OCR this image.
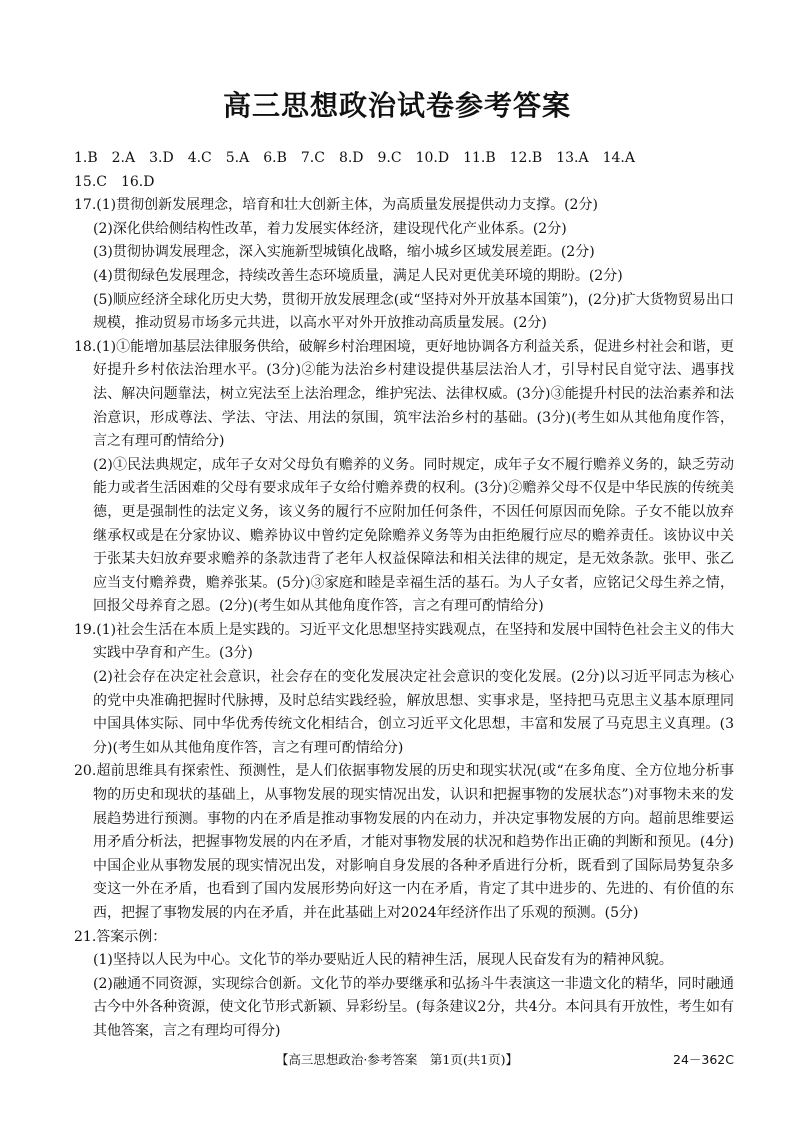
高三思想政治试卷参考答案

1.B　2.A　3.D　4.C　5.A　6.B　7.C　8.D　9.C　10.D　11.B　12.B　13.A　14.A

15.C　16.D

17.(1)贯彻创新发展理念，培育和壮大创新主体，为高质量发展提供动力支撑。(2分)

(2)深化供给侧结构性改革，着力发展实体经济，建设现代化产业体系。(2分)

(3)贯彻协调发展理念，深入实施新型城镇化战略，缩小城乡区域发展差距。(2分)

(4)贯彻绿色发展理念，持续改善生态环境质量，满足人民对更优美环境的期盼。(2分)

(5)顺应经济全球化历史大势，贯彻开放发展理念(或“坚持对外开放基本国策”)，(2分)扩大货物贸易出口规模，推动贸易市场多元共进，以高水平对外开放推动高质量发展。(2分)

18.(1)①能增加基层法律服务供给，破解乡村治理困境，更好地协调各方利益关系，促进乡村社会和谐，更好提升乡村依法治理水平。(3分)②能为法治乡村建设提供基层法治人才，引导村民自觉守法、遇事找法、解决问题靠法，树立宪法至上法治理念，维护宪法、法律权威。(3分)③能提升村民的法治素养和法治意识，形成尊法、学法、守法、用法的氛围，筑牢法治乡村的基础。(3分)(考生如从其他角度作答，言之有理可酌情给分)

(2)①民法典规定，成年子女对父母负有赡养的义务。同时规定，成年子女不履行赡养义务的，缺乏劳动能力或者生活困难的父母有要求成年子女给付赡养费的权利。(3分)②赡养父母不仅是中华民族的传统美德，更是强制性的法定义务，该义务的履行不应附加任何条件，不因任何原因而免除。子女不能以放弃继承权或是在分家协议、赡养协议中曾约定免除赡养义务等为由拒绝履行应尽的赡养责任。该协议中关于张某夫妇放弃要求赡养的条款违背了老年人权益保障法和相关法律的规定，是无效条款。张甲、张乙应当支付赡养费，赡养张某。(5分)③家庭和睦是幸福生活的基石。为人子女者，应铭记父母生养之情，回报父母养育之恩。(2分)(考生如从其他角度作答，言之有理可酌情给分)

19.(1)社会生活在本质上是实践的。习近平文化思想坚持实践观点，在坚持和发展中国特色社会主义的伟大实践中孕育和产生。(3分)

(2)社会存在决定社会意识，社会存在的变化发展决定社会意识的变化发展。(2分)以习近平同志为核心的党中央准确把握时代脉搏，及时总结实践经验，解放思想、实事求是，坚持把马克思主义基本原理同中国具体实际、同中华优秀传统文化相结合，创立习近平文化思想，丰富和发展了马克思主义真理。(3分)(考生如从其他角度作答，言之有理可酌情给分)

20.超前思维具有探索性、预测性，是人们依据事物发展的历史和现实状况(或“在多角度、全方位地分析事物的历史和现状的基础上，从事物发展的现实情况出发，认识和把握事物的发展状态”)对事物未来的发展趋势进行预测。事物的内在矛盾是推动事物发展的内在动力，并决定事物发展的方向。超前思维要运用矛盾分析法，把握事物发展的内在矛盾，才能对事物发展的状况和趋势作出正确的判断和预见。(4分)中国企业从事物发展的现实情况出发，对影响自身发展的各种矛盾进行分析，既看到了国际局势复杂多变这一外在矛盾，也看到了国内发展形势向好这一内在矛盾，肯定了其中进步的、先进的、有价值的东西，把握了事物发展的内在矛盾，并在此基础上对2024年经济作出了乐观的预测。(5分)

21.答案示例：

(1)坚持以人民为中心。文化节的举办要贴近人民的精神生活，展现人民奋发有为的精神风貌。

(2)融通不同资源，实现综合创新。文化节的举办要继承和弘扬斗牛表演这一非遗文化的精华，同时融通古今中外各种资源，使文化节形式新颖、异彩纷呈。(每条建议2分，共4分。本问具有开放性，考生如有其他答案，言之有理均可得分)

【高三思想政治·参考答案　第1页(共1页)】	24－362C
